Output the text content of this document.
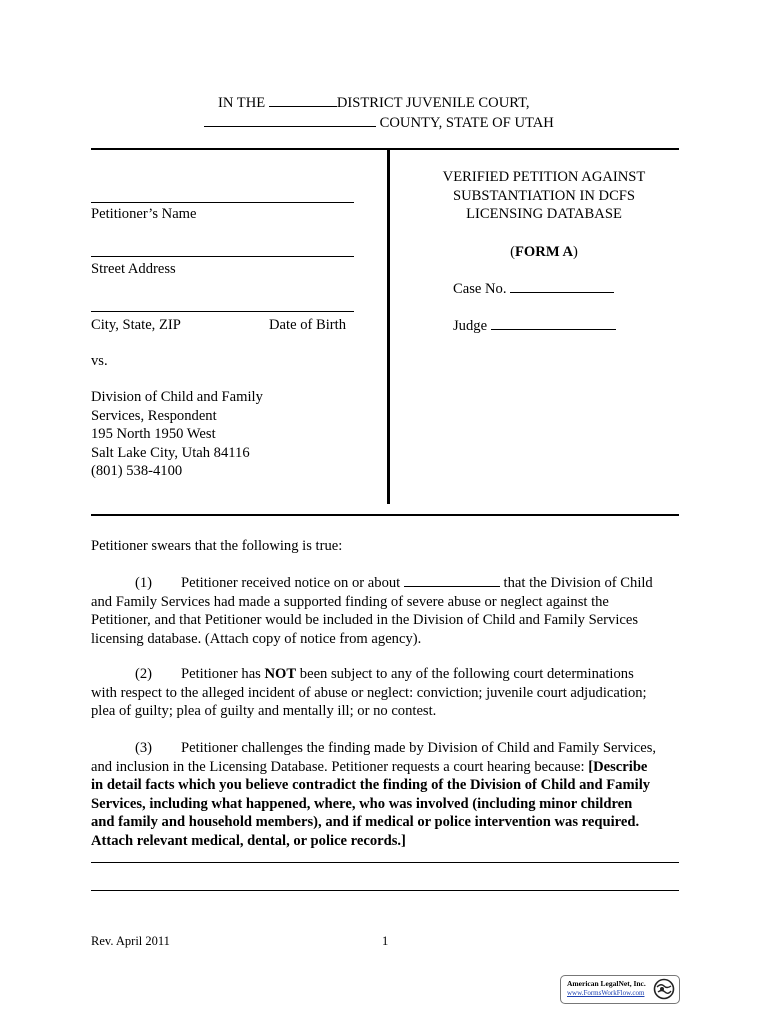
IN THE	DISTRICT JUVENILE COURT,
COUNTY, STATE OF UTAH
Petitioner’s Name
Street Address
City, State, ZIP	Date of Birth
vs.
Division of Child and Family
Services, Respondent
195 North 1950 West
Salt Lake City, Utah 84116
(801) 538-4100
VERIFIED PETITION AGAINST
SUBSTANTIATION IN DCFS
LICENSING DATABASE
(FORM A)
Case No.
Judge
Petitioner swears that the following is true:
(1) Petitioner received notice on or about	that the Division of Child
and Family Services had made a supported finding of severe abuse or neglect against the
Petitioner, and that Petitioner would be included in the Division of Child and Family Services
licensing database. (Attach copy of notice from agency).
(2) Petitioner has NOT been subject to any of the following court determinations
with respect to the alleged incident of abuse or neglect: conviction; juvenile court adjudication;
plea of guilty; plea of guilty and mentally ill; or no contest.
(3) Petitioner challenges the finding made by Division of Child and Family Services,
and inclusion in the Licensing Database. Petitioner requests a court hearing because: [Describe
in detail facts which you believe contradict the finding of the Division of Child and Family
Services, including what happened, where, who was involved (including minor children
and family and household members), and if medical or police intervention was required.
Attach relevant medical, dental, or police records.]
Rev. April 2011	1
American LegalNet, Inc.
www.FormsWorkFlow.com
